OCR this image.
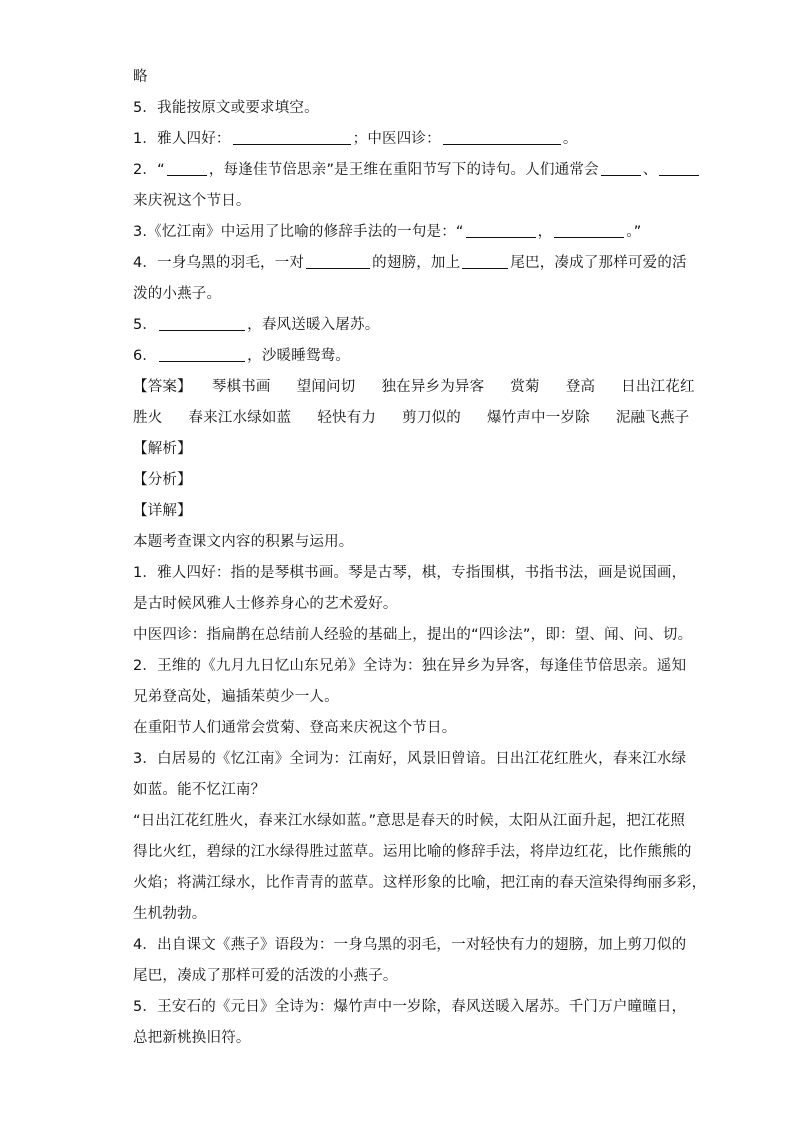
略
5．我能按原文或要求填空。
1．雅人四好：	；中医四诊：	。
2．“	，每逢佳节倍思亲”是王维在重阳节写下的诗句。人们通常会	、
来庆祝这个节日。
3.《忆江南》中运用了比喻的修辞手法的一句是：“	，	。”
4．一身乌黑的羽毛，一对	的翅膀，加上	尾巴，凑成了那样可爱的活
泼的小燕子。
5．	，春风送暖入屠苏。
6．	，沙暖睡鸳鸯。
【答案】 琴棋书画 望闻问切 独在异乡为异客 赏菊 登高 日出江花红
胜火 春来江水绿如蓝 轻快有力 剪刀似的 爆竹声中一岁除 泥融飞燕子
【解析】
【分析】
【详解】
本题考查课文内容的积累与运用。
1．雅人四好：指的是琴棋书画。琴是古琴，棋，专指围棋，书指书法，画是说国画，
是古时候风雅人士修养身心的艺术爱好。
中医四诊：指扁鹊在总结前人经验的基础上，提出的“四诊法”，即：望、闻、问、切。
2．王维的《九月九日忆山东兄弟》全诗为：独在异乡为异客，每逢佳节倍思亲。遥知
兄弟登高处，遍插茱萸少一人。
在重阳节人们通常会赏菊、登高来庆祝这个节日。
3．白居易的《忆江南》全词为：江南好，风景旧曾谙。日出江花红胜火，春来江水绿
如蓝。能不忆江南？
“日出江花红胜火，春来江水绿如蓝。”意思是春天的时候，太阳从江面升起，把江花照
得比火红，碧绿的江水绿得胜过蓝草。运用比喻的修辞手法，将岸边红花，比作熊熊的
火焰；将满江绿水，比作青青的蓝草。这样形象的比喻，把江南的春天渲染得绚丽多彩，
生机勃勃。
4．出自课文《燕子》语段为：一身乌黑的羽毛，一对轻快有力的翅膀，加上剪刀似的
尾巴，凑成了那样可爱的活泼的小燕子。
5．王安石的《元日》全诗为：爆竹声中一岁除，春风送暖入屠苏。千门万户曈曈日，
总把新桃换旧符。
